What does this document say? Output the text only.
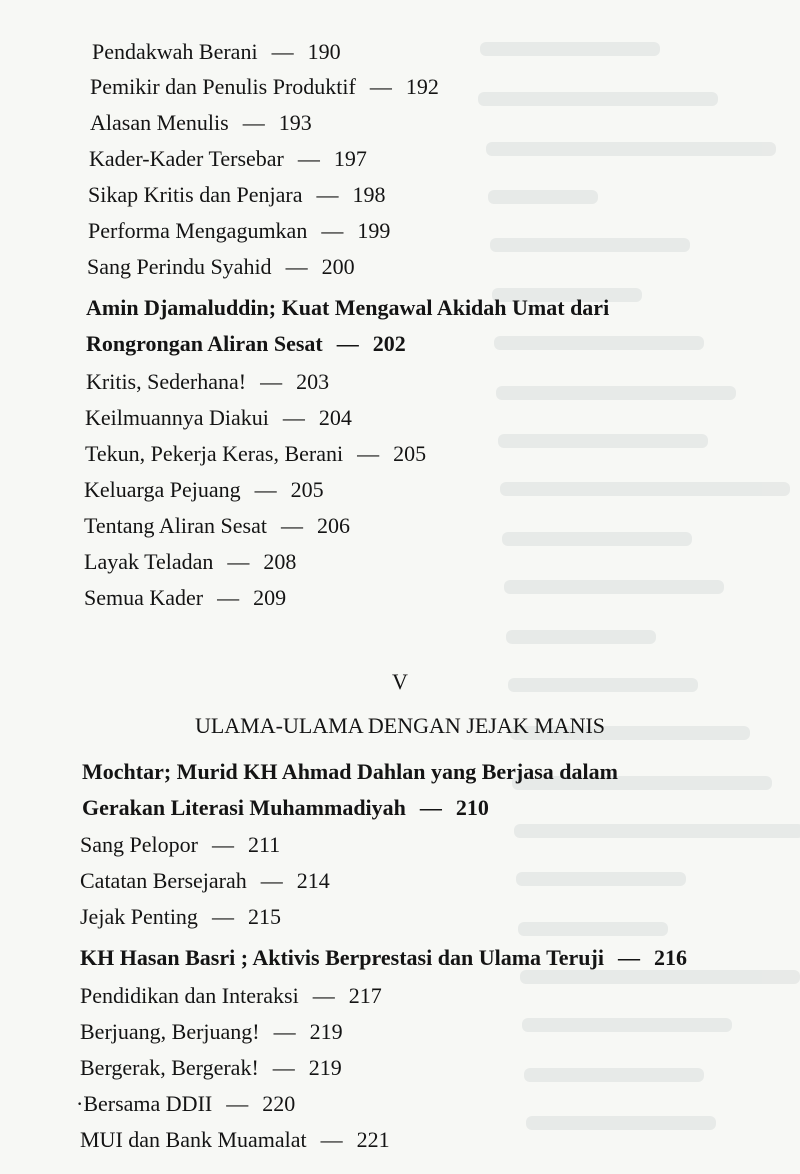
Pendakwah Berani — 190
Pemikir dan Penulis Produktif — 192
Alasan Menulis — 193
Kader-Kader Tersebar — 197
Sikap Kritis dan Penjara — 198
Performa Mengagumkan — 199
Sang Perindu Syahid — 200
Amin Djamaluddin; Kuat Mengawal Akidah Umat dari
Rongrongan Aliran Sesat — 202
Kritis, Sederhana! — 203
Keilmuannya Diakui — 204
Tekun, Pekerja Keras, Berani — 205
Keluarga Pejuang — 205
Tentang Aliran Sesat — 206
Layak Teladan — 208
Semua Kader — 209
V
ULAMA-ULAMA DENGAN JEJAK MANIS
Mochtar; Murid KH Ahmad Dahlan yang Berjasa dalam
Gerakan Literasi Muhammadiyah — 210
Sang Pelopor — 211
Catatan Bersejarah — 214
Jejak Penting — 215
KH Hasan Basri ; Aktivis Berprestasi dan Ulama Teruji — 216
Pendidikan dan Interaksi — 217
Berjuang, Berjuang! — 219
Bergerak, Bergerak! — 219
·Bersama DDII — 220
MUI dan Bank Muamalat — 221
